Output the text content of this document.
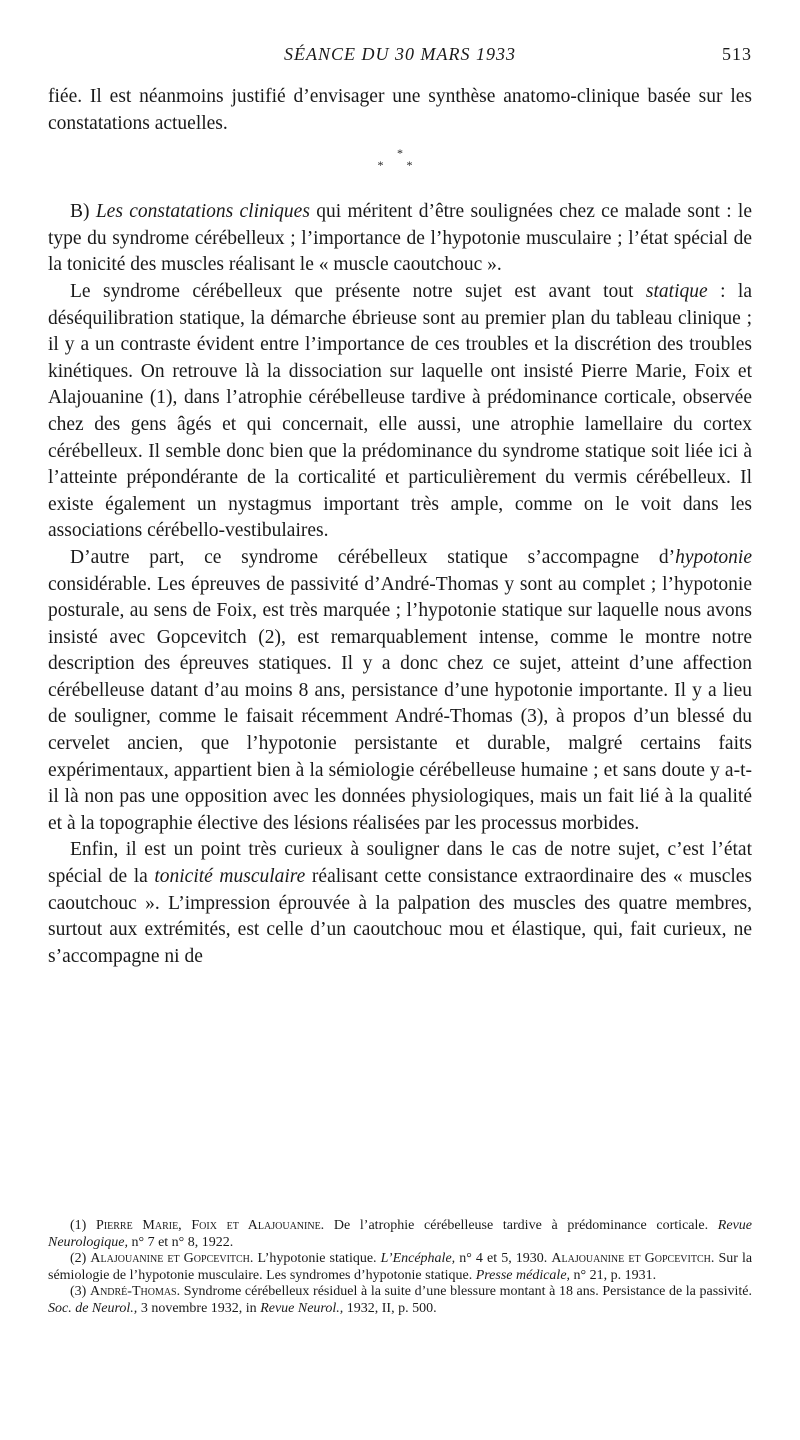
SÉANCE DU 30 MARS 1933	513

fiée. Il est néanmoins justifié d’envisager une synthèse anatomo-clinique basée sur les constatations actuelles.

*
* *

B) Les constatations cliniques qui méritent d’être soulignées chez ce malade sont : le type du syndrome cérébelleux ; l’importance de l’hypotonie musculaire ; l’état spécial de la tonicité des muscles réalisant le « muscle caoutchouc ».

Le syndrome cérébelleux que présente notre sujet est avant tout statique : la déséquilibration statique, la démarche ébrieuse sont au premier plan du tableau clinique ; il y a un contraste évident entre l’importance de ces troubles et la discrétion des troubles kinétiques. On retrouve là la dissociation sur laquelle ont insisté Pierre Marie, Foix et Alajouanine (1), dans l’atrophie cérébelleuse tardive à prédominance corticale, observée chez des gens âgés et qui concernait, elle aussi, une atrophie lamellaire du cortex cérébelleux. Il semble donc bien que la prédominance du syndrome statique soit liée ici à l’atteinte prépondérante de la corticalité et particulièrement du vermis cérébelleux. Il existe également un nystagmus important très ample, comme on le voit dans les associations cérébello-vestibulaires.

D’autre part, ce syndrome cérébelleux statique s’accompagne d’hypotonie considérable. Les épreuves de passivité d’André-Thomas y sont au complet ; l’hypotonie posturale, au sens de Foix, est très marquée ; l’hypotonie statique sur laquelle nous avons insisté avec Gopcevitch (2), est remarquablement intense, comme le montre notre description des épreuves statiques. Il y a donc chez ce sujet, atteint d’une affection cérébelleuse datant d’au moins 8 ans, persistance d’une hypotonie importante. Il y a lieu de souligner, comme le faisait récemment André-Thomas (3), à propos d’un blessé du cervelet ancien, que l’hypotonie persistante et durable, malgré certains faits expérimentaux, appartient bien à la sémiologie cérébelleuse humaine ; et sans doute y a-t-il là non pas une opposition avec les données physiologiques, mais un fait lié à la qualité et à la topographie élective des lésions réalisées par les processus morbides.

Enfin, il est un point très curieux à souligner dans le cas de notre sujet, c’est l’état spécial de la tonicité musculaire réalisant cette consistance extraordinaire des « muscles caoutchouc ». L’impression éprouvée à la palpation des muscles des quatre membres, surtout aux extrémités, est celle d’un caoutchouc mou et élastique, qui, fait curieux, ne s’accompagne ni de

(1) Pierre Marie, Foix et Alajouanine. De l’atrophie cérébelleuse tardive à prédominance corticale. Revue Neurologique, n° 7 et n° 8, 1922.

(2) Alajouanine et Gopcevitch. L’hypotonie statique. L’Encéphale, n° 4 et 5, 1930. Alajouanine et Gopcevitch. Sur la sémiologie de l’hypotonie musculaire. Les syndromes d’hypotonie statique. Presse médicale, n° 21, p. 1931.

(3) André-Thomas. Syndrome cérébelleux résiduel à la suite d’une blessure montant à 18 ans. Persistance de la passivité. Soc. de Neurol., 3 novembre 1932, in Revue Neurol., 1932, II, p. 500.
